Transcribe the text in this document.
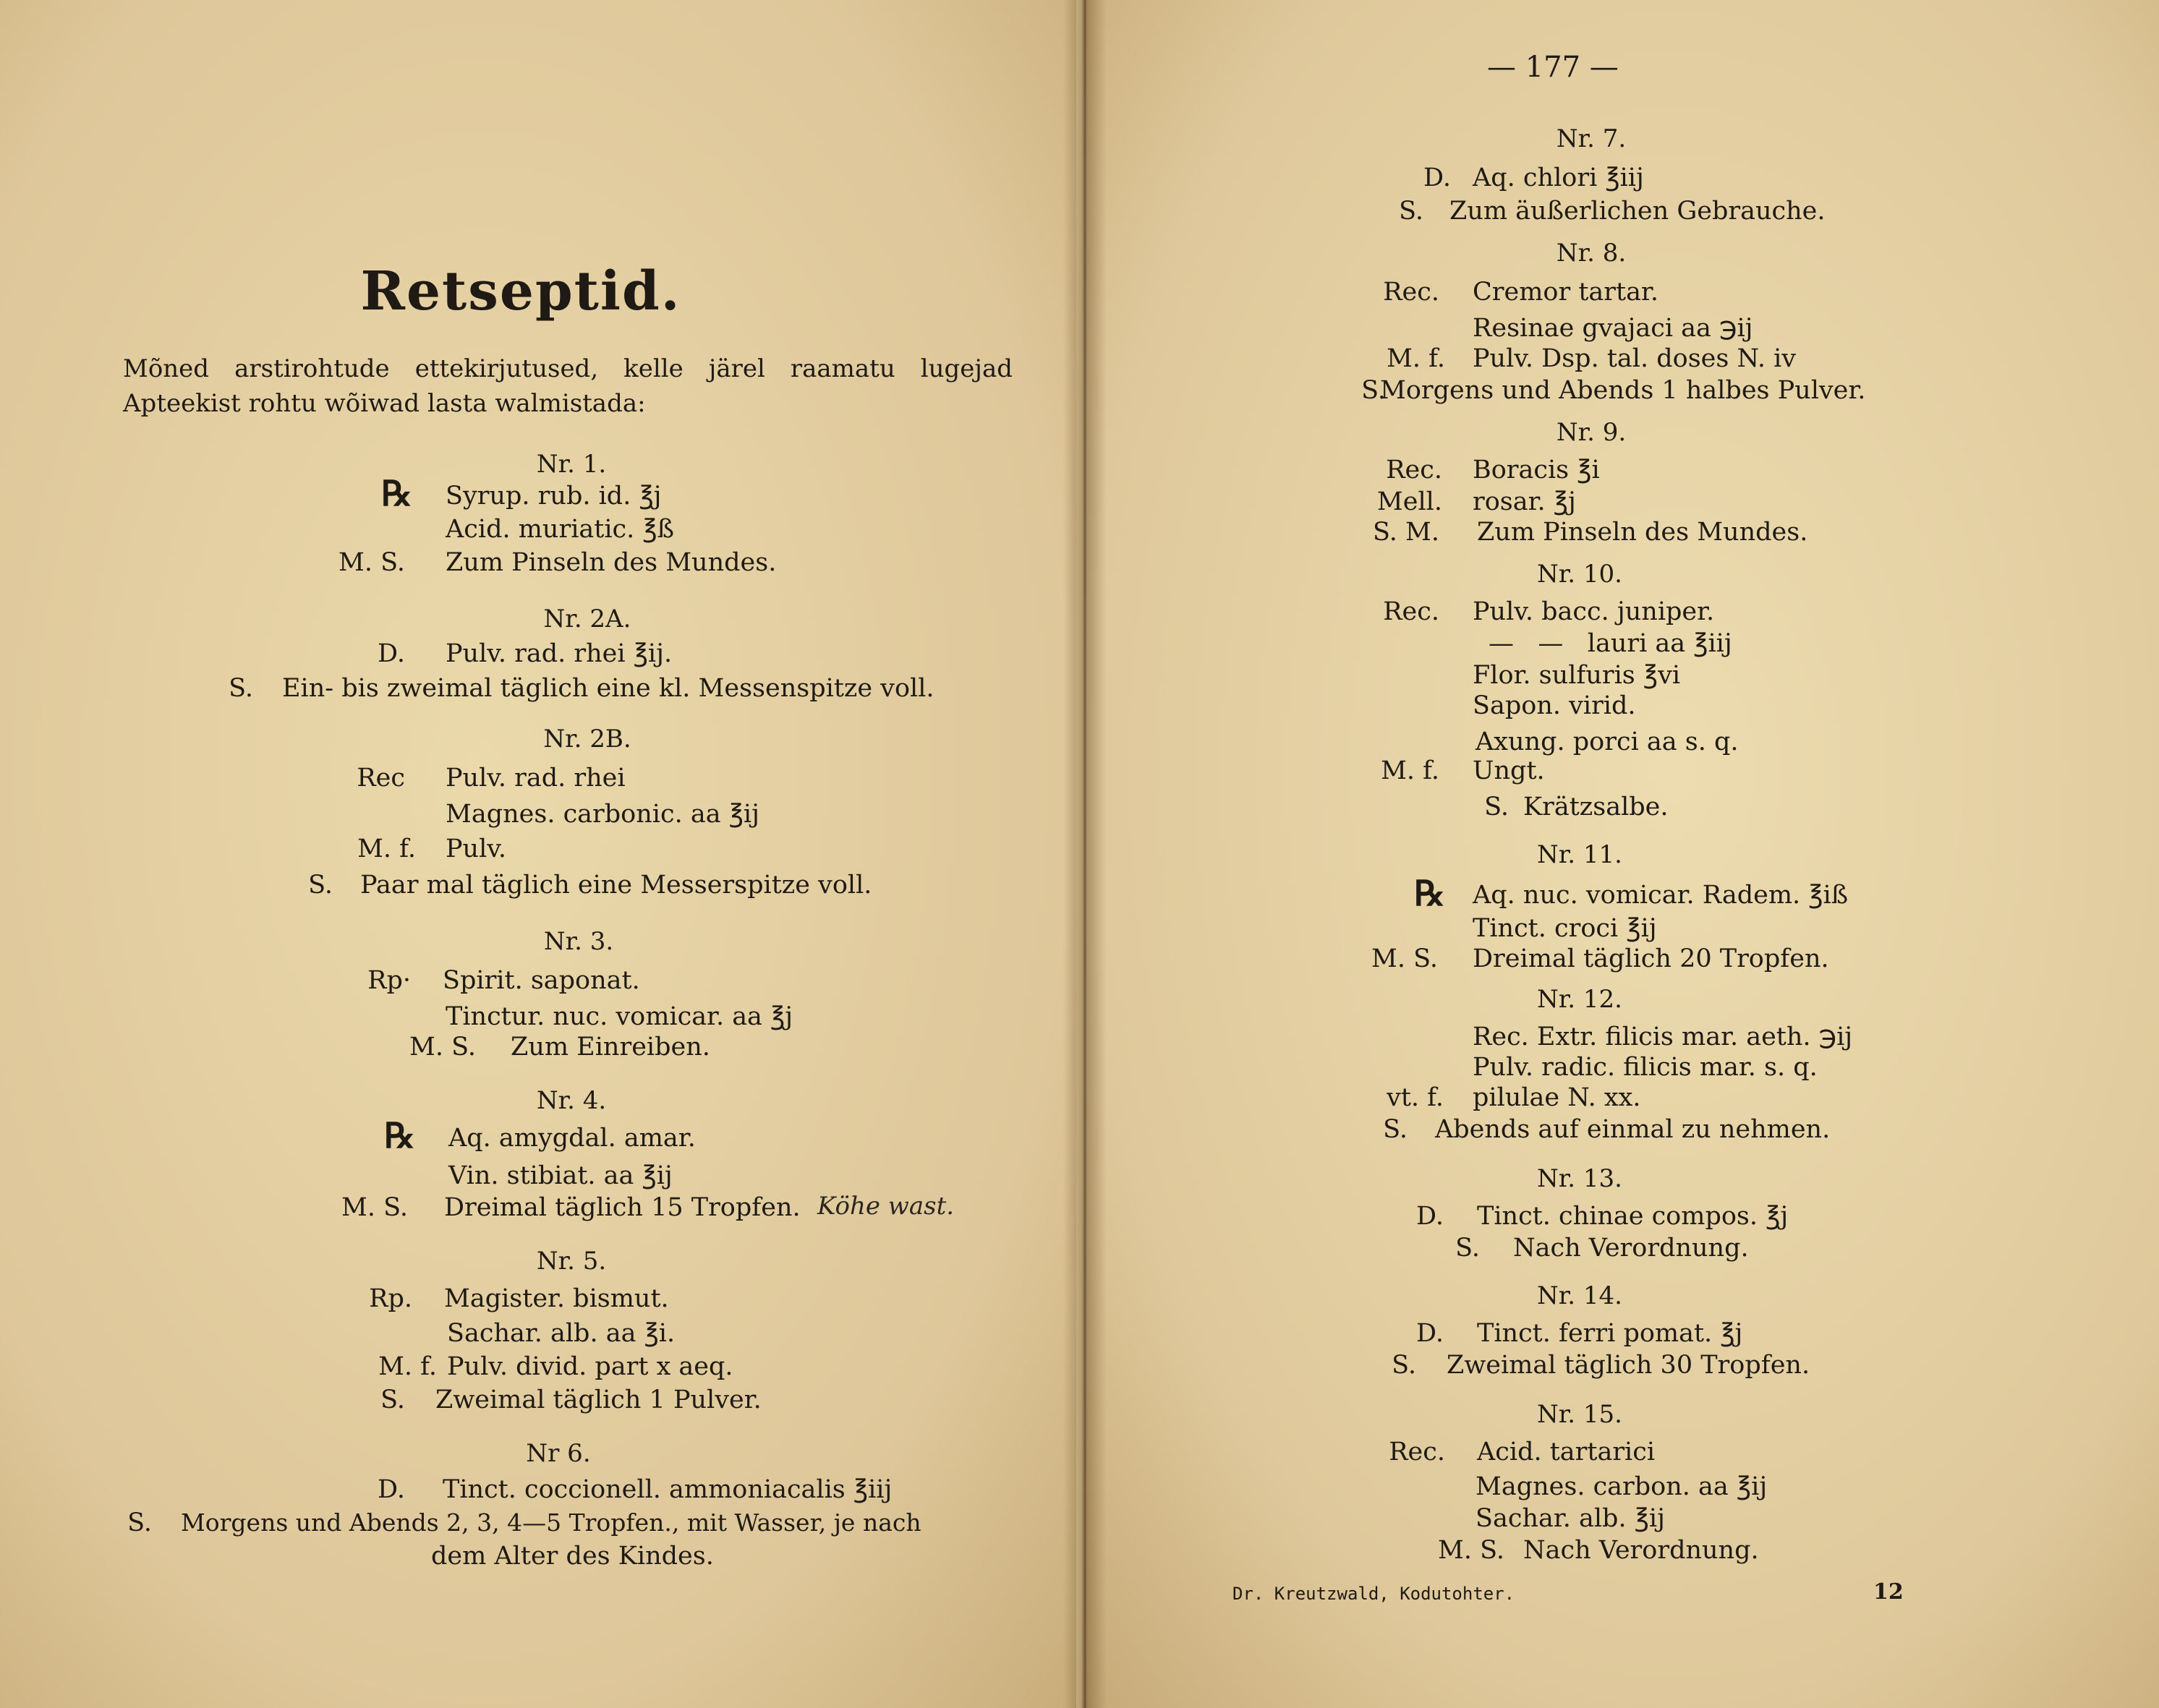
Retseptid.
Mõned arstirohtude ettekirjutused, kelle järel raamatu lugejad
Apteekist rohtu wõiwad lasta walmistada:
Nr. 1.
℞ Syrup. rub. id. ℥j
Acid. muriatic. ℥ß
M. S. Zum Pinseln des Mundes.
Nr. 2A.
D. Pulv. rad. rhei ℥ij.
S. Ein- bis zweimal täglich eine kl. Messenspitze voll.
Nr. 2B.
Rec Pulv. rad. rhei
Magnes. carbonic. aa ℥ij
M. f. Pulv.
S. Paar mal täglich eine Messerspitze voll.
Nr. 3.
Rp· Spirit. saponat.
Tinctur. nuc. vomicar. aa ℥j
M. S. Zum Einreiben.
Nr. 4.
℞ Aq. amygdal. amar.
Vin. stibiat. aa ℥ij
M. S. Dreimal täglich 15 Tropfen. Köhe wast.
Nr. 5.
Rp. Magister. bismut.
Sachar. alb. aa ℥i.
M. f. Pulv. divid. part x aeq.
S. Zweimal täglich 1 Pulver.
Nr 6.
D. Tinct. coccionell. ammoniacalis ℥iij
S. Morgens und Abends 2, 3, 4—5 Tropfen., mit Wasser, je nach
dem Alter des Kindes.
— 177 —
Nr. 7.
D. Aq. chlori ℥iij
S. Zum äußerlichen Gebrauche.
Nr. 8.
Rec. Cremor tartar.
Resinae gvajaci aa ℈ij
M. f. Pulv. Dsp. tal. doses N. iv
S.
Morgens und Abends 1 halbes Pulver.
Nr. 9.
Rec. Boracis ℥i
Mell. rosar. ℥j
S. M. Zum Pinseln des Mundes.
Nr. 10.
Rec. Pulv. bacc. juniper.
—   —   lauri aa ℥iij
Flor. sulfuris ℥vi
Sapon. virid.
Axung. porci aa s. q.
M. f. Ungt.
S. Krätzsalbe.
Nr. 11.
℞ Aq. nuc. vomicar. Radem. ℥iß
Tinct. croci ℥ij
M. S. Dreimal täglich 20 Tropfen.
Nr. 12.
Rec. Extr. filicis mar. aeth. ℈ij
Pulv. radic. filicis mar. s. q.
vt. f. pilulae N. xx.
S. Abends auf einmal zu nehmen.
Nr. 13.
D. Tinct. chinae compos. ℥j
S. Nach Verordnung.
Nr. 14.
D. Tinct. ferri pomat. ℥j
S. Zweimal täglich 30 Tropfen.
Nr. 15.
Rec. Acid. tartarici
Magnes. carbon. aa ℥ij
Sachar. alb. ℥ij
M. S. Nach Verordnung.
Dr. Kreutzwald, Kodutohter.	12
